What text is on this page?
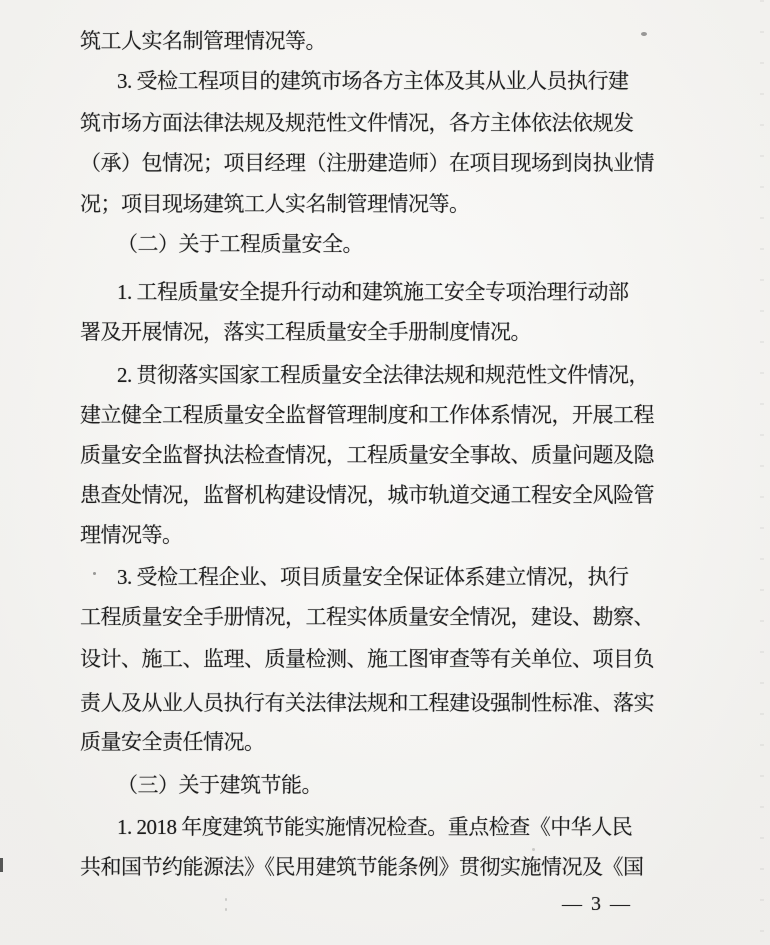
筑工人实名制管理情况等。
3. 受检工程项目的建筑市场各方主体及其从业人员执行建
筑市场方面法律法规及规范性文件情况，各方主体依法依规发
（承）包情况；项目经理（注册建造师）在项目现场到岗执业情
况；项目现场建筑工人实名制管理情况等。
（二）关于工程质量安全。
1. 工程质量安全提升行动和建筑施工安全专项治理行动部
署及开展情况，落实工程质量安全手册制度情况。
2. 贯彻落实国家工程质量安全法律法规和规范性文件情况，
建立健全工程质量安全监督管理制度和工作体系情况，开展工程
质量安全监督执法检查情况，工程质量安全事故、质量问题及隐
患查处情况，监督机构建设情况，城市轨道交通工程安全风险管
理情况等。
3. 受检工程企业、项目质量安全保证体系建立情况，执行
工程质量安全手册情况，工程实体质量安全情况，建设、勘察、
设计、施工、监理、质量检测、施工图审查等有关单位、项目负
责人及从业人员执行有关法律法规和工程建设强制性标准、落实
质量安全责任情况。
（三）关于建筑节能。
1. 2018 年度建筑节能实施情况检查。重点检查《中华人民
共和国节约能源法》《民用建筑节能条例》贯彻实施情况及《国
— 3 —
